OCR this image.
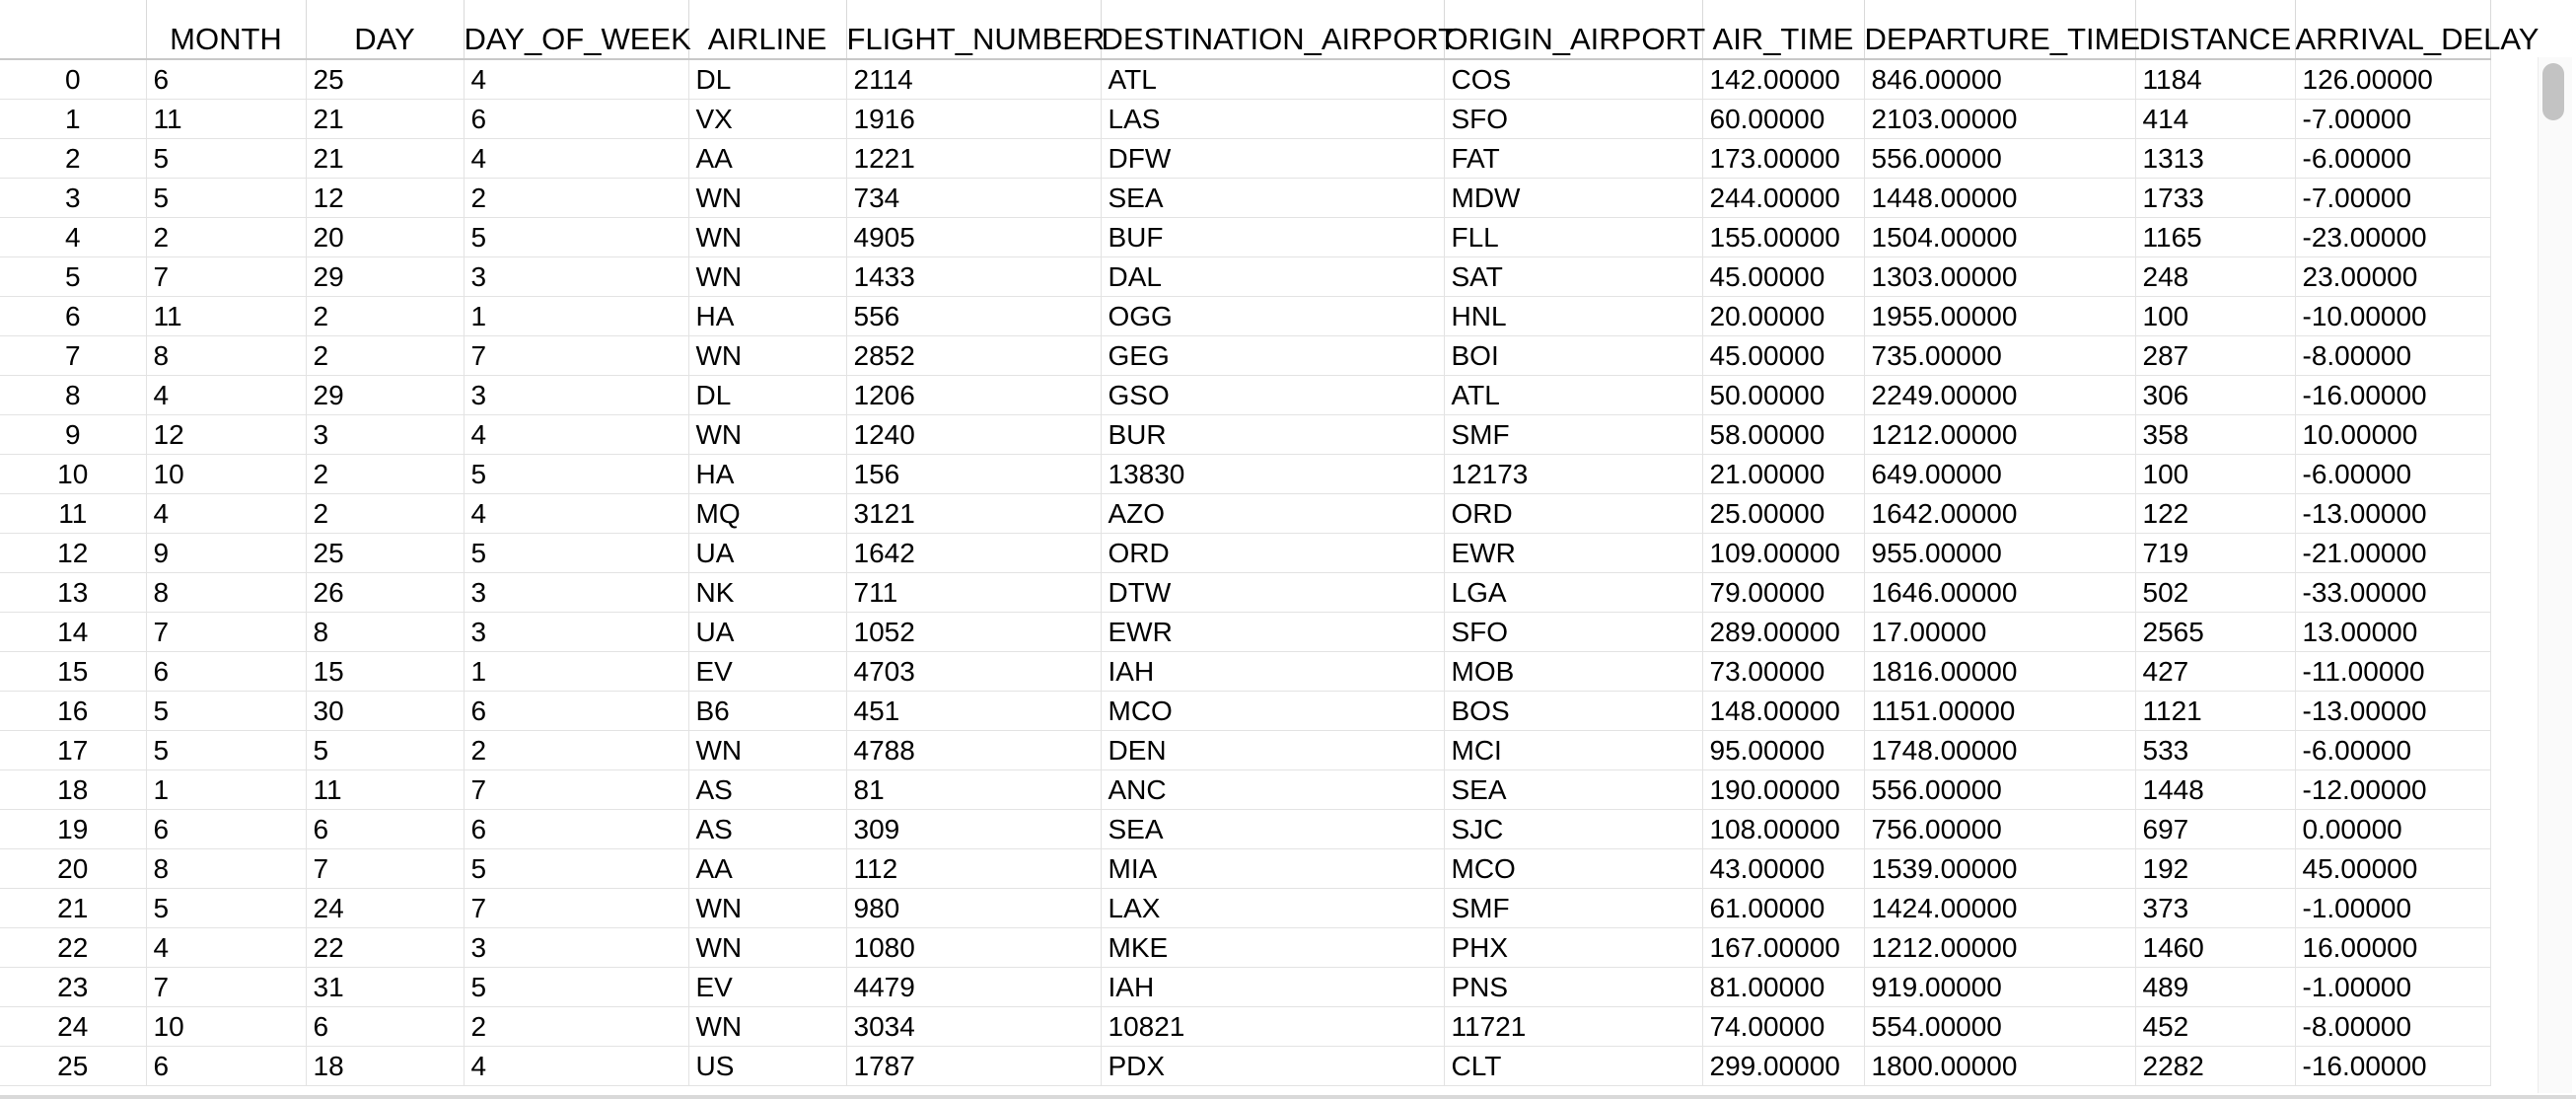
	MONTH	DAY	DAY_OF_WEEK	AIRLINE	FLIGHT_NUMBER	DESTINATION_AIRPORT	ORIGIN_AIRPORT	AIR_TIME	DEPARTURE_TIME	DISTANCE	ARRIVAL_DELAY
0	6	25	4	DL	2114	ATL	COS	142.00000	846.00000	1184	126.00000
1	11	21	6	VX	1916	LAS	SFO	60.00000	2103.00000	414	-7.00000
2	5	21	4	AA	1221	DFW	FAT	173.00000	556.00000	1313	-6.00000
3	5	12	2	WN	734	SEA	MDW	244.00000	1448.00000	1733	-7.00000
4	2	20	5	WN	4905	BUF	FLL	155.00000	1504.00000	1165	-23.00000
5	7	29	3	WN	1433	DAL	SAT	45.00000	1303.00000	248	23.00000
6	11	2	1	HA	556	OGG	HNL	20.00000	1955.00000	100	-10.00000
7	8	2	7	WN	2852	GEG	BOI	45.00000	735.00000	287	-8.00000
8	4	29	3	DL	1206	GSO	ATL	50.00000	2249.00000	306	-16.00000
9	12	3	4	WN	1240	BUR	SMF	58.00000	1212.00000	358	10.00000
10	10	2	5	HA	156	13830	12173	21.00000	649.00000	100	-6.00000
11	4	2	4	MQ	3121	AZO	ORD	25.00000	1642.00000	122	-13.00000
12	9	25	5	UA	1642	ORD	EWR	109.00000	955.00000	719	-21.00000
13	8	26	3	NK	711	DTW	LGA	79.00000	1646.00000	502	-33.00000
14	7	8	3	UA	1052	EWR	SFO	289.00000	17.00000	2565	13.00000
15	6	15	1	EV	4703	IAH	MOB	73.00000	1816.00000	427	-11.00000
16	5	30	6	B6	451	MCO	BOS	148.00000	1151.00000	1121	-13.00000
17	5	5	2	WN	4788	DEN	MCI	95.00000	1748.00000	533	-6.00000
18	1	11	7	AS	81	ANC	SEA	190.00000	556.00000	1448	-12.00000
19	6	6	6	AS	309	SEA	SJC	108.00000	756.00000	697	0.00000
20	8	7	5	AA	112	MIA	MCO	43.00000	1539.00000	192	45.00000
21	5	24	7	WN	980	LAX	SMF	61.00000	1424.00000	373	-1.00000
22	4	22	3	WN	1080	MKE	PHX	167.00000	1212.00000	1460	16.00000
23	7	31	5	EV	4479	IAH	PNS	81.00000	919.00000	489	-1.00000
24	10	6	2	WN	3034	10821	11721	74.00000	554.00000	452	-8.00000
25	6	18	4	US	1787	PDX	CLT	299.00000	1800.00000	2282	-16.00000
